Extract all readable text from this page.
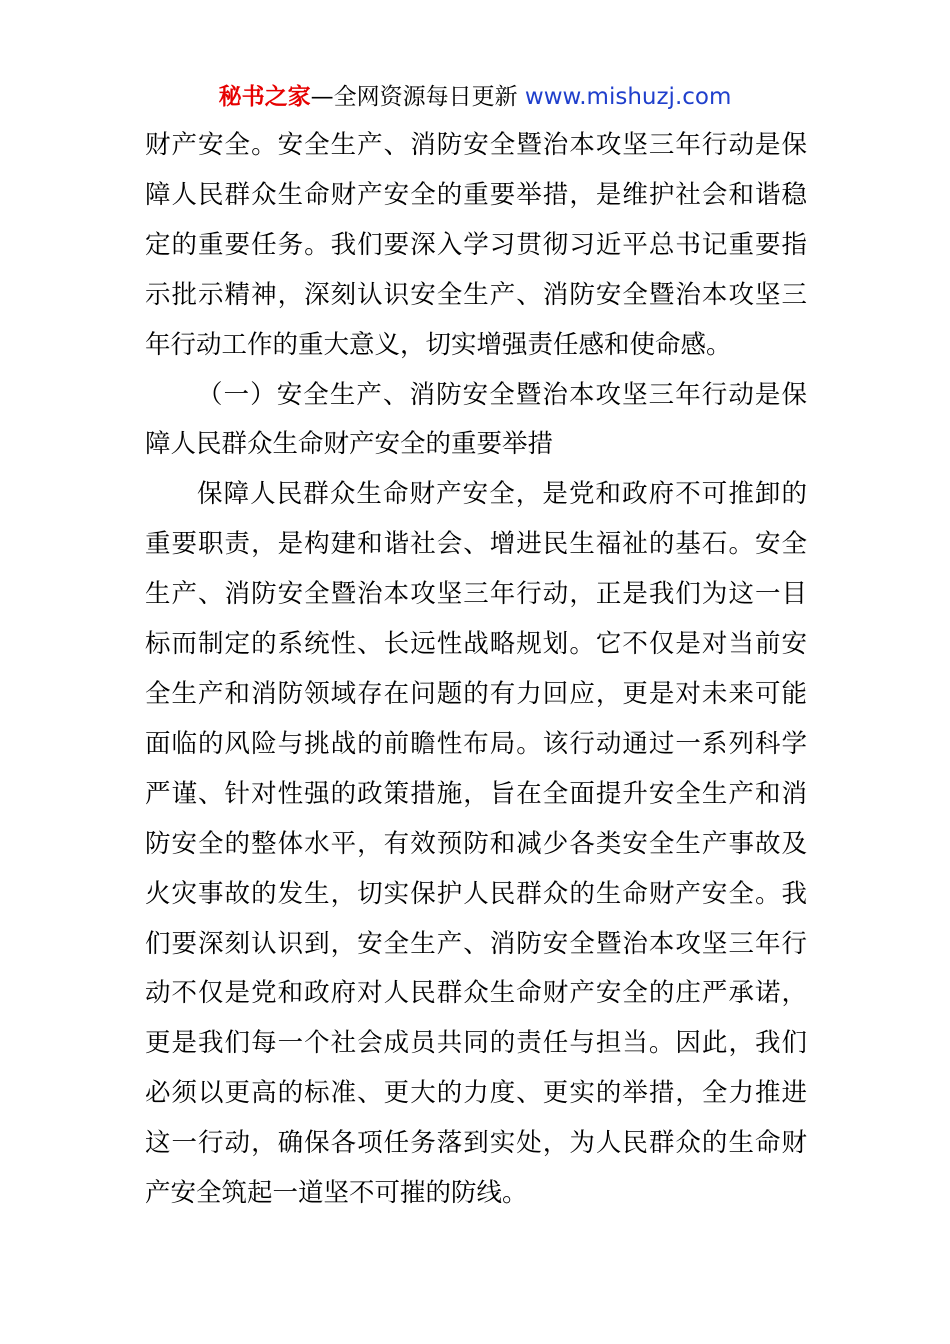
秘书之家—全网资源每日更新 www.mishuzj.com

财产安全。安全生产、消防安全暨治本攻坚三年行动是保障人民群众生命财产安全的重要举措，是维护社会和谐稳定的重要任务。我们要深入学习贯彻习近平总书记重要指示批示精神，深刻认识安全生产、消防安全暨治本攻坚三年行动工作的重大意义，切实增强责任感和使命感。

（一）安全生产、消防安全暨治本攻坚三年行动是保障人民群众生命财产安全的重要举措

保障人民群众生命财产安全，是党和政府不可推卸的重要职责，是构建和谐社会、增进民生福祉的基石。安全生产、消防安全暨治本攻坚三年行动，正是我们为这一目标而制定的系统性、长远性战略规划。它不仅是对当前安全生产和消防领域存在问题的有力回应，更是对未来可能面临的风险与挑战的前瞻性布局。该行动通过一系列科学严谨、针对性强的政策措施，旨在全面提升安全生产和消防安全的整体水平，有效预防和减少各类安全生产事故及火灾事故的发生，切实保护人民群众的生命财产安全。我们要深刻认识到，安全生产、消防安全暨治本攻坚三年行动不仅是党和政府对人民群众生命财产安全的庄严承诺，更是我们每一个社会成员共同的责任与担当。因此，我们必须以更高的标准、更大的力度、更实的举措，全力推进这一行动，确保各项任务落到实处，为人民群众的生命财产安全筑起一道坚不可摧的防线。
